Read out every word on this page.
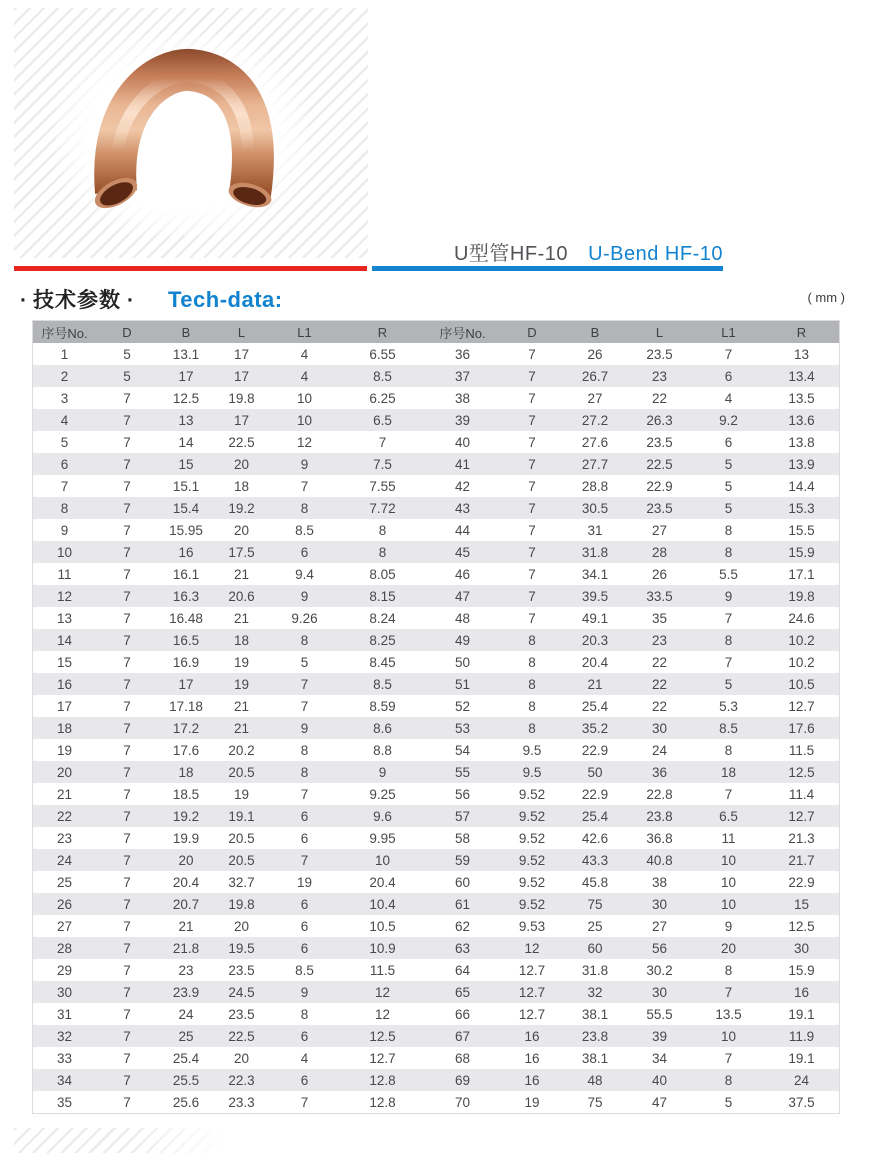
U型管HF-10 U-Bend HF-10
· 技术参数 · Tech-data:	( mm )
序号No.	D	B	L	L1	R	序号No.	D	B	L	L1	R
1	5	13.1	17	4	6.55	36	7	26	23.5	7	13
2	5	17	17	4	8.5	37	7	26.7	23	6	13.4
3	7	12.5	19.8	10	6.25	38	7	27	22	4	13.5
4	7	13	17	10	6.5	39	7	27.2	26.3	9.2	13.6
5	7	14	22.5	12	7	40	7	27.6	23.5	6	13.8
6	7	15	20	9	7.5	41	7	27.7	22.5	5	13.9
7	7	15.1	18	7	7.55	42	7	28.8	22.9	5	14.4
8	7	15.4	19.2	8	7.72	43	7	30.5	23.5	5	15.3
9	7	15.95	20	8.5	8	44	7	31	27	8	15.5
10	7	16	17.5	6	8	45	7	31.8	28	8	15.9
11	7	16.1	21	9.4	8.05	46	7	34.1	26	5.5	17.1
12	7	16.3	20.6	9	8.15	47	7	39.5	33.5	9	19.8
13	7	16.48	21	9.26	8.24	48	7	49.1	35	7	24.6
14	7	16.5	18	8	8.25	49	8	20.3	23	8	10.2
15	7	16.9	19	5	8.45	50	8	20.4	22	7	10.2
16	7	17	19	7	8.5	51	8	21	22	5	10.5
17	7	17.18	21	7	8.59	52	8	25.4	22	5.3	12.7
18	7	17.2	21	9	8.6	53	8	35.2	30	8.5	17.6
19	7	17.6	20.2	8	8.8	54	9.5	22.9	24	8	11.5
20	7	18	20.5	8	9	55	9.5	50	36	18	12.5
21	7	18.5	19	7	9.25	56	9.52	22.9	22.8	7	11.4
22	7	19.2	19.1	6	9.6	57	9.52	25.4	23.8	6.5	12.7
23	7	19.9	20.5	6	9.95	58	9.52	42.6	36.8	11	21.3
24	7	20	20.5	7	10	59	9.52	43.3	40.8	10	21.7
25	7	20.4	32.7	19	20.4	60	9.52	45.8	38	10	22.9
26	7	20.7	19.8	6	10.4	61	9.52	75	30	10	15
27	7	21	20	6	10.5	62	9.53	25	27	9	12.5
28	7	21.8	19.5	6	10.9	63	12	60	56	20	30
29	7	23	23.5	8.5	11.5	64	12.7	31.8	30.2	8	15.9
30	7	23.9	24.5	9	12	65	12.7	32	30	7	16
31	7	24	23.5	8	12	66	12.7	38.1	55.5	13.5	19.1
32	7	25	22.5	6	12.5	67	16	23.8	39	10	11.9
33	7	25.4	20	4	12.7	68	16	38.1	34	7	19.1
34	7	25.5	22.3	6	12.8	69	16	48	40	8	24
35	7	25.6	23.3	7	12.8	70	19	75	47	5	37.5
